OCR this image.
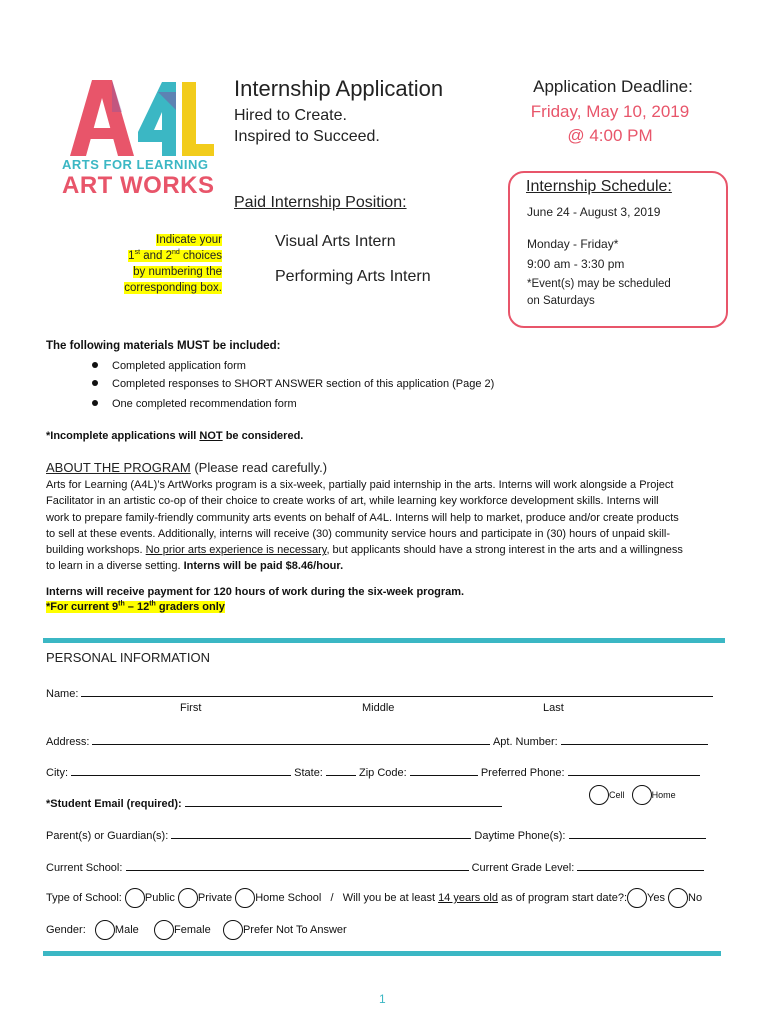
ARTS FOR LEARNING
ART WORKS
Internship Application
Hired to Create.
Inspired to Succeed.
Application Deadline:
Friday, May 10, 2019
@ 4:00 PM
Paid Internship Position:
Indicate your
1st and 2nd choices
by numbering the
corresponding box.
Visual Arts Intern
Performing Arts Intern
Internship Schedule:
June 24 - August 3, 2019
Monday - Friday*
9:00 am - 3:30 pm
*Event(s) may be scheduled
on Saturdays
The following materials MUST be included:
Completed application form
Completed responses to SHORT ANSWER section of this application (Page 2)
One completed recommendation form
*Incomplete applications will NOT be considered.
ABOUT THE PROGRAM (Please read carefully.)
Arts for Learning (A4L)’s ArtWorks program is a six-week, partially paid internship in the arts. Interns will work alongside a Project
Facilitator in an artistic co-op of their choice to create works of art, while learning key workforce development skills. Interns will
work to prepare family-friendly community arts events on behalf of A4L. Interns will help to market, produce and/or create products
to sell at these events. Additionally, interns will receive (30) community service hours and participate in (30) hours of unpaid skill-
building workshops. No prior arts experience is necessary, but applicants should have a strong interest in the arts and a willingness
to learn in a diverse setting. Interns will be paid $8.46/hour.
Interns will receive payment for 120 hours of work during the six-week program.
*For current 9th – 12th graders only
PERSONAL INFORMATION
Name:
First	Middle	Last
Address:	Apt. Number:
City:	State:	Zip Code:	Preferred Phone:
Cell	Home
*Student Email (required):
Parent(s) or Guardian(s):	Daytime Phone(s):
Current School:	Current Grade Level:
Type of School: Public Private Home School / Will you be at least 14 years old as of program start date?: Yes No
Gender:	Male	Female	Prefer Not To Answer
1
